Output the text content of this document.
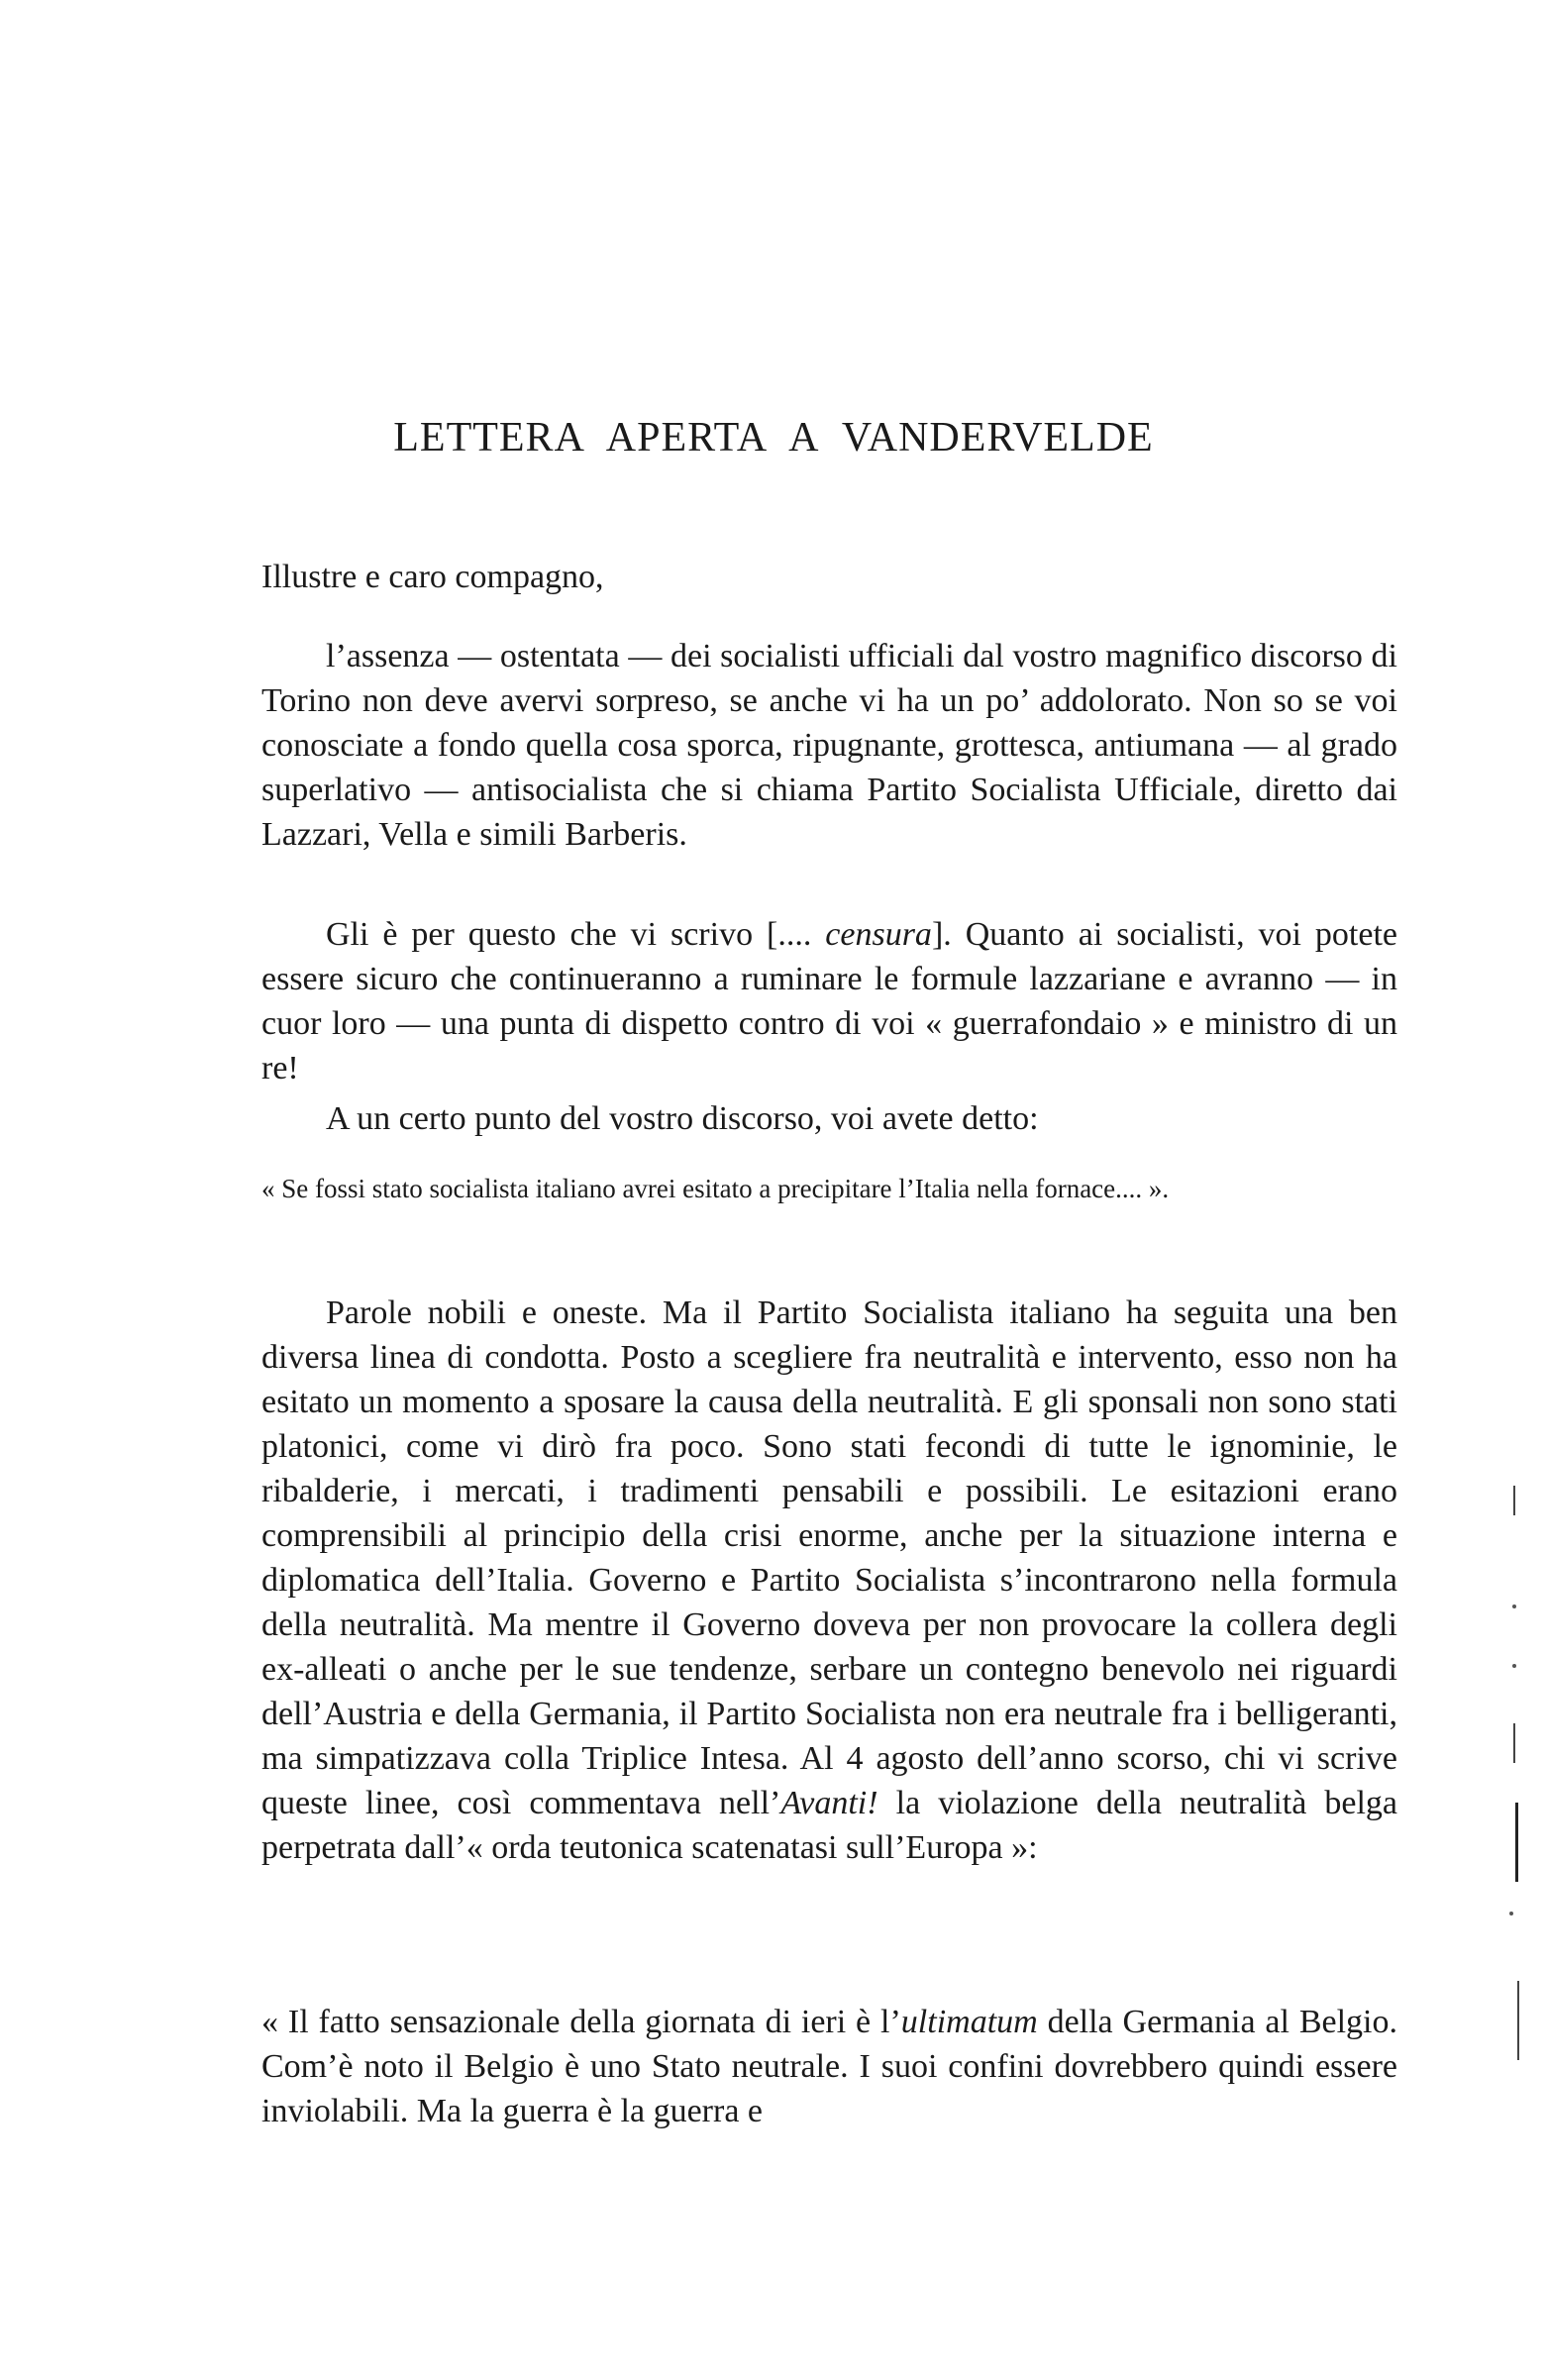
LETTERA APERTA A VANDERVELDE
Illustre e caro compagno,

l’assenza — ostentata — dei socialisti ufficiali dal vostro magnifico discorso di Torino non deve avervi sorpreso, se anche vi ha un po’ addolorato. Non so se voi conosciate a fondo quella cosa sporca, ripugnante, grottesca, antiumana — al grado superlativo — antisocialista che si chiama Partito Socialista Ufficiale, diretto dai Lazzari, Vella e simili Barberis.

Gli è per questo che vi scrivo [.... censura]. Quanto ai socialisti, voi potete essere sicuro che continueranno a ruminare le formule lazzariane e avranno — in cuor loro — una punta di dispetto contro di voi « guerrafondaio » e ministro di un re!

A un certo punto del vostro discorso, voi avete detto:

« Se fossi stato socialista italiano avrei esitato a precipitare l’Italia nella fornace.... ».

Parole nobili e oneste. Ma il Partito Socialista italiano ha seguita una ben diversa linea di condotta. Posto a scegliere fra neutralità e intervento, esso non ha esitato un momento a sposare la causa della neutralità. E gli sponsali non sono stati platonici, come vi dirò fra poco. Sono stati fecondi di tutte le ignominie, le ribalderie, i mercati, i tradimenti pensabili e possibili. Le esitazioni erano comprensibili al principio della crisi enorme, anche per la situazione interna e diplomatica dell’Italia. Governo e Partito Socialista s’incontrarono nella formula della neutralità. Ma mentre il Governo doveva per non provocare la collera degli ex-alleati o anche per le sue tendenze, serbare un contegno benevolo nei riguardi dell’Austria e della Germania, il Partito Socialista non era neutrale fra i belligeranti, ma simpatizzava colla Triplice Intesa. Al 4 agosto dell’anno scorso, chi vi scrive queste linee, così commentava nell’Avanti! la violazione della neutralità belga perpetrata dall’« orda teutonica scatenatasi sull’Europa »:

« Il fatto sensazionale della giornata di ieri è l’ultimatum della Germania al Belgio. Com’è noto il Belgio è uno Stato neutrale. I suoi confini dovrebbero quindi essere inviolabili. Ma la guerra è la guerra e
